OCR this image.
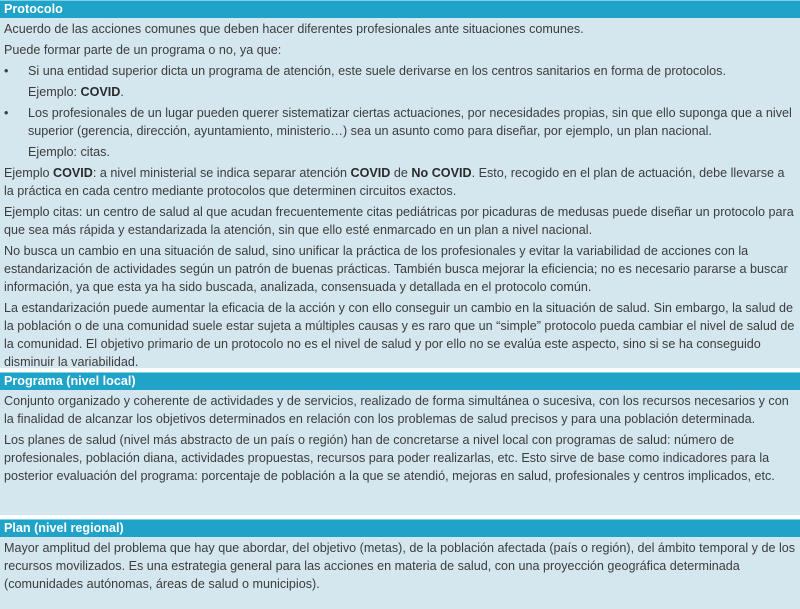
Protocolo

Acuerdo de las acciones comunes que deben hacer diferentes profesionales ante situaciones comunes.

Puede formar parte de un programa o no, ya que:

• Si una entidad superior dicta un programa de atención, este suele derivarse en los centros sanitarios en forma de protocolos.
Ejemplo: COVID.
• Los profesionales de un lugar pueden querer sistematizar ciertas actuaciones, por necesidades propias, sin que ello suponga que a nivel superior (gerencia, dirección, ayuntamiento, ministerio…) sea un asunto como para diseñar, por ejemplo, un plan nacional.
Ejemplo: citas.

Ejemplo COVID: a nivel ministerial se indica separar atención COVID de No COVID. Esto, recogido en el plan de actuación, debe llevarse a la práctica en cada centro mediante protocolos que determinen circuitos exactos.

Ejemplo citas: un centro de salud al que acudan frecuentemente citas pediátricas por picaduras de medusas puede diseñar un protocolo para que sea más rápida y estandarizada la atención, sin que ello esté enmarcado en un plan a nivel nacional.

No busca un cambio en una situación de salud, sino unificar la práctica de los profesionales y evitar la variabilidad de acciones con la estandarización de actividades según un patrón de buenas prácticas. También busca mejorar la eficiencia; no es necesario pararse a buscar información, ya que esta ya ha sido buscada, analizada, consensuada y detallada en el protocolo común.

La estandarización puede aumentar la eficacia de la acción y con ello conseguir un cambio en la situación de salud. Sin embargo, la salud de la población o de una comunidad suele estar sujeta a múltiples causas y es raro que un “simple” protocolo pueda cambiar el nivel de salud de la comunidad. El objetivo primario de un protocolo no es el nivel de salud y por ello no se evalúa este aspecto, sino si se ha conseguido disminuir la variabilidad.

Programa (nivel local)

Conjunto organizado y coherente de actividades y de servicios, realizado de forma simultánea o sucesiva, con los recursos necesarios y con la finalidad de alcanzar los objetivos determinados en relación con los problemas de salud precisos y para una población determinada.

Los planes de salud (nivel más abstracto de un país o región) han de concretarse a nivel local con programas de salud: número de profesionales, población diana, actividades propuestas, recursos para poder realizarlas, etc. Esto sirve de base como indicadores para la posterior evaluación del programa: porcentaje de población a la que se atendió, mejoras en salud, profesionales y centros implicados, etc.

Plan (nivel regional)

Mayor amplitud del problema que hay que abordar, del objetivo (metas), de la población afectada (país o región), del ámbito temporal y de los recursos movilizados. Es una estrategia general para las acciones en materia de salud, con una proyección geográfica determinada (comunidades autónomas, áreas de salud o municipios).
